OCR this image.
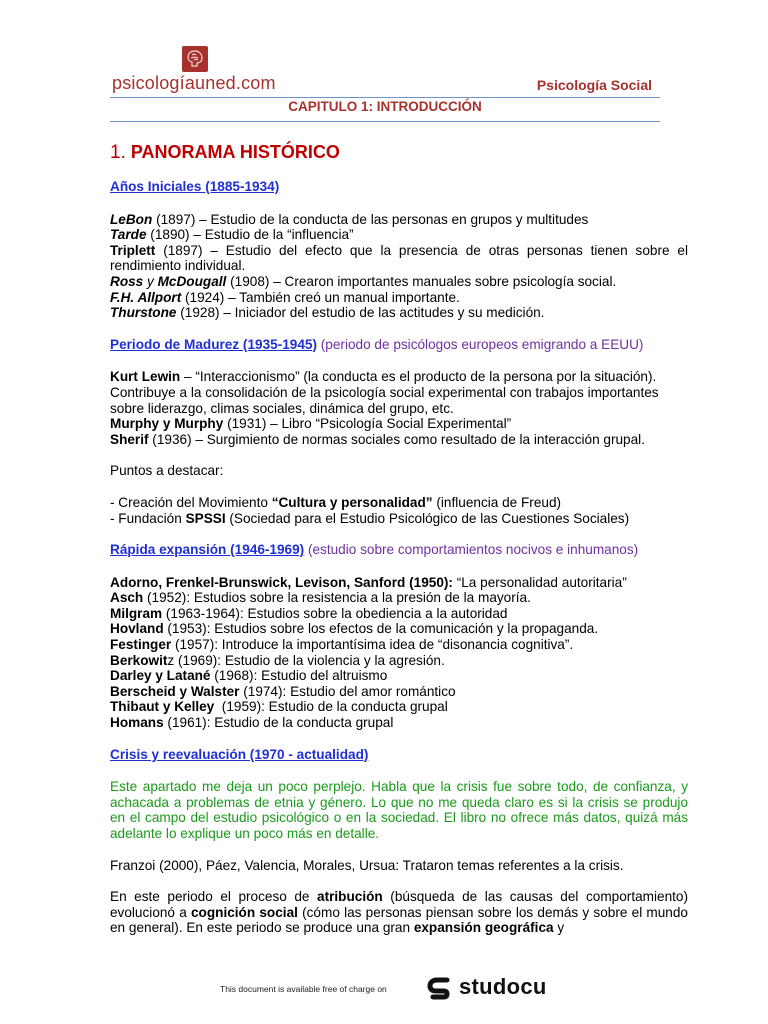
psicologíauned.com	Psicología Social
CAPITULO 1: INTRODUCCIÓN
1. PANORAMA HISTÓRICO
Años Iniciales (1885-1934)
LeBon (1897) – Estudio de la conducta de las personas en grupos y multitudes
Tarde (1890) – Estudio de la “influencia”
Triplett (1897) – Estudio del efecto que la presencia de otras personas tienen sobre el rendimiento individual.
Ross y McDougall (1908) – Crearon importantes manuales sobre psicología social.
F.H. Allport (1924) – También creó un manual importante.
Thurstone (1928) – Iniciador del estudio de las actitudes y su medición.
Periodo de Madurez (1935-1945) (periodo de psicólogos europeos emigrando a EEUU)
Kurt Lewin – “Interaccionismo” (la conducta es el producto de la persona por la situación). Contribuye a la consolidación de la psicología social experimental con trabajos importantes sobre liderazgo, climas sociales, dinámica del grupo, etc.
Murphy y Murphy (1931) – Libro “Psicología Social Experimental”
Sherif (1936) – Surgimiento de normas sociales como resultado de la interacción grupal.
Puntos a destacar:
- Creación del Movimiento “Cultura y personalidad” (influencia de Freud)
- Fundación SPSSI (Sociedad para el Estudio Psicológico de las Cuestiones Sociales)
Rápida expansión (1946-1969) (estudio sobre comportamientos nocivos e inhumanos)
Adorno, Frenkel-Brunswick, Levison, Sanford (1950): “La personalidad autoritaria”
Asch (1952): Estudios sobre la resistencia a la presión de la mayoría.
Milgram (1963-1964): Estudios sobre la obediencia a la autoridad
Hovland (1953): Estudios sobre los efectos de la comunicación y la propaganda.
Festinger (1957): Introduce la importantísima idea de “disonancia cognitiva”.
Berkowitz (1969): Estudio de la violencia y la agresión.
Darley y Latané (1968): Estudio del altruismo
Berscheid y Walster (1974): Estudio del amor romántico
Thibaut y Kelley  (1959): Estudio de la conducta grupal
Homans (1961): Estudio de la conducta grupal
Crisis y reevaluación (1970 - actualidad)
Este apartado me deja un poco perplejo. Habla que la crisis fue sobre todo, de confianza, y achacada a problemas de etnia y género. Lo que no me queda claro es si la crisis se produjo en el campo del estudio psicológico o en la sociedad. El libro no ofrece más datos, quizá más adelante lo explique un poco más en detalle.
Franzoi (2000), Páez, Valencia, Morales, Ursua: Trataron temas referentes a la crisis.
En este periodo el proceso de atribución (búsqueda de las causas del comportamiento) evolucionó a cognición social (cómo las personas piensan sobre los demás y sobre el mundo en general). En este periodo se produce una gran expansión geográfica y
This document is available free of charge on	studocu
